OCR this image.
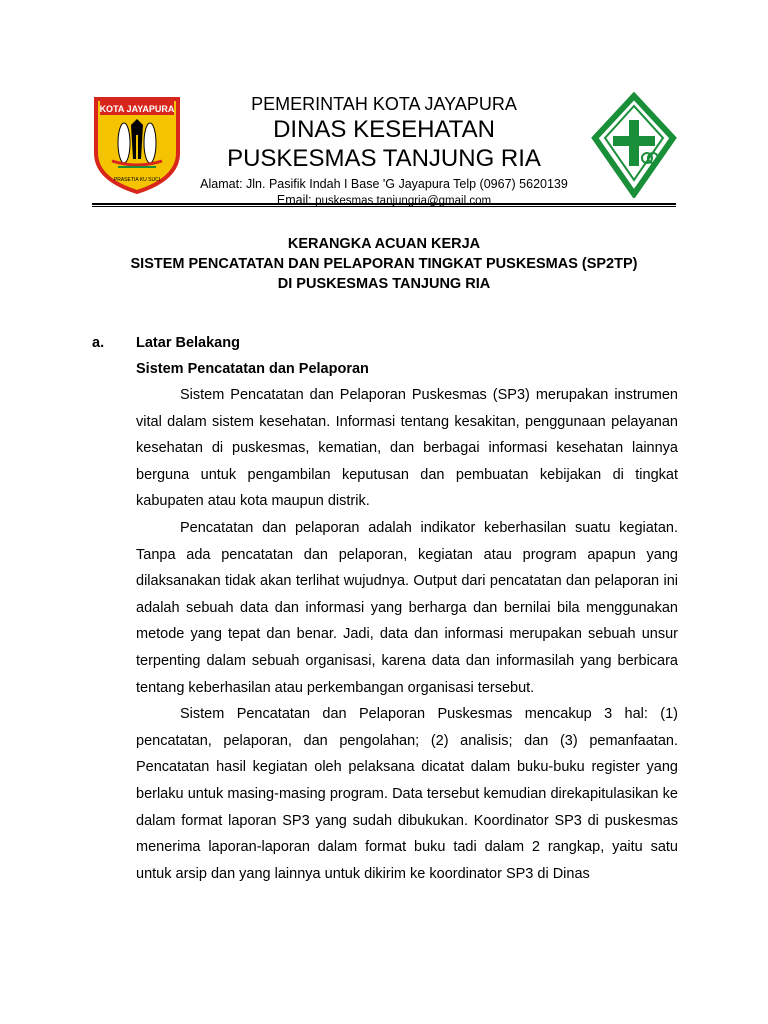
KOTA JAYAPURA
PRASETIA KU SUCI
PEMERINTAH KOTA JAYAPURA
DINAS KESEHATAN
PUSKESMAS TANJUNG RIA
Alamat: Jln. Pasifik Indah I Base 'G Jayapura Telp (0967) 5620139
Email: puskesmas tanjungria@gmail.com
KERANGKA ACUAN KERJA
SISTEM PENCATATAN DAN PELAPORAN TINGKAT PUSKESMAS (SP2TP)
DI PUSKESMAS TANJUNG RIA
a. Latar Belakang
Sistem Pencatatan dan Pelaporan

Sistem Pencatatan dan Pelaporan Puskesmas (SP3) merupakan instrumen vital dalam sistem kesehatan. Informasi tentang kesakitan, penggunaan pelayanan kesehatan di puskesmas, kematian, dan berbagai informasi kesehatan lainnya berguna untuk pengambilan keputusan dan pembuatan kebijakan di tingkat kabupaten atau kota maupun distrik.

Pencatatan dan pelaporan adalah indikator keberhasilan suatu kegiatan. Tanpa ada pencatatan dan pelaporan, kegiatan atau program apapun yang dilaksanakan tidak akan terlihat wujudnya. Output dari pencatatan dan pelaporan ini adalah sebuah data dan informasi yang berharga dan bernilai bila menggunakan metode yang tepat dan benar. Jadi, data dan informasi merupakan sebuah unsur terpenting dalam sebuah organisasi, karena data dan informasilah yang berbicara tentang keberhasilan atau perkembangan organisasi tersebut.

Sistem Pencatatan dan Pelaporan Puskesmas mencakup 3 hal: (1) pencatatan, pelaporan, dan pengolahan; (2) analisis; dan (3) pemanfaatan. Pencatatan hasil kegiatan oleh pelaksana dicatat dalam buku-buku register yang berlaku untuk masing-masing program. Data tersebut kemudian direkapitulasikan ke dalam format laporan SP3 yang sudah dibukukan. Koordinator SP3 di puskesmas menerima laporan-laporan dalam format buku tadi dalam 2 rangkap, yaitu satu untuk arsip dan yang lainnya untuk dikirim ke koordinator SP3 di Dinas
